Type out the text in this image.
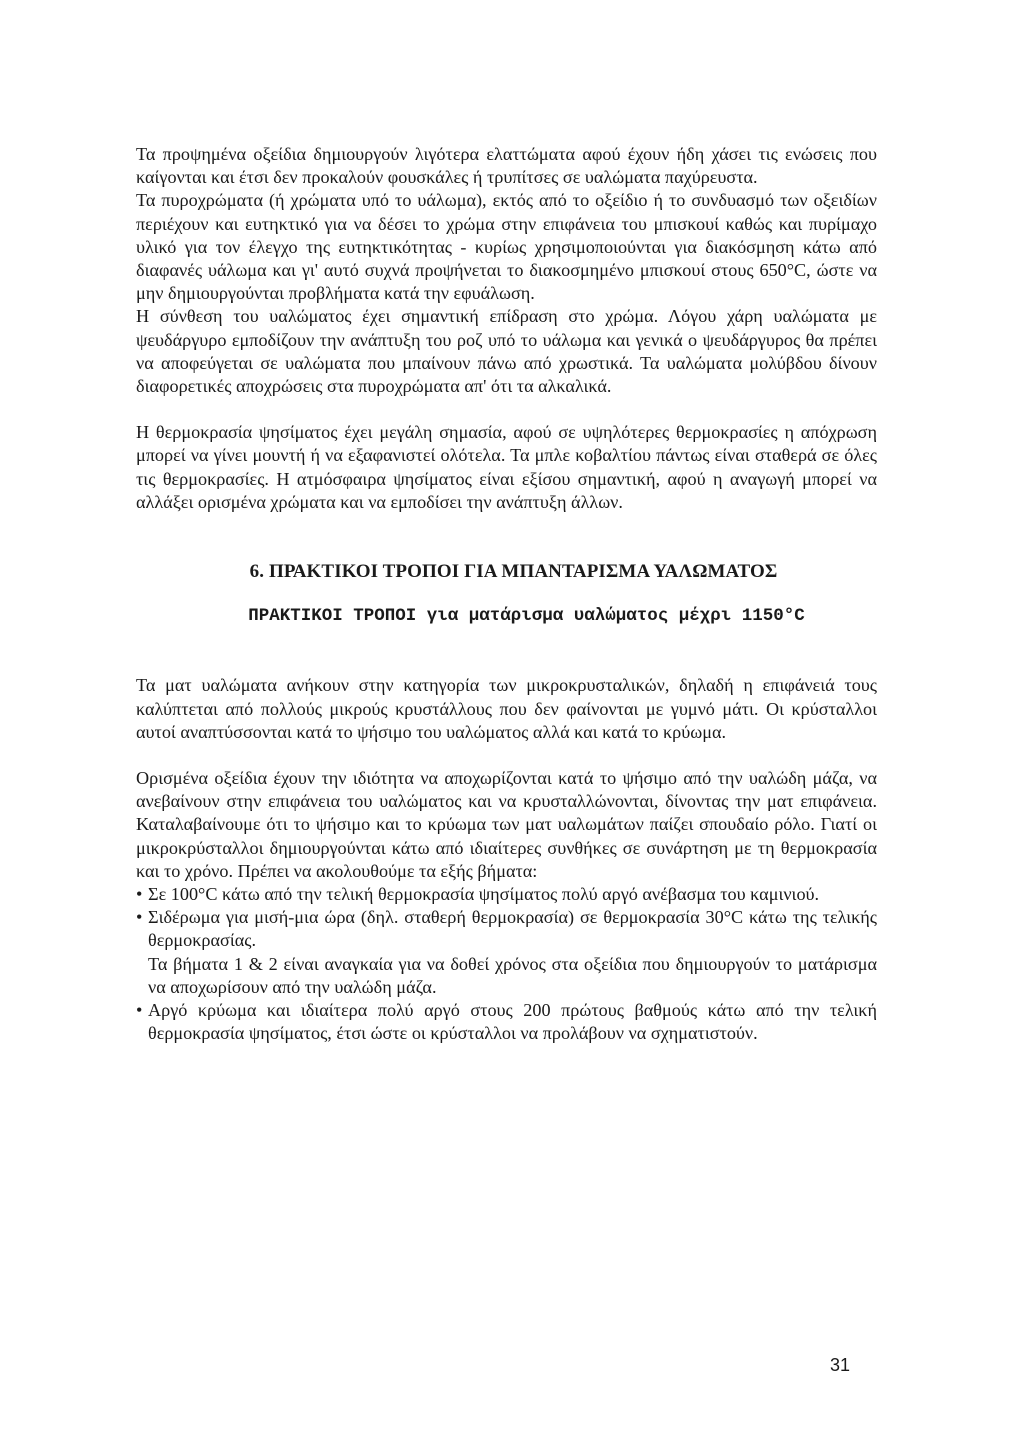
Τα προψημένα οξείδια δημιουργούν λιγότερα ελαττώματα αφού έχουν ήδη χάσει τις ενώσεις που καίγονται και έτσι δεν προκαλούν φουσκάλες ή τρυπίτσες σε υαλώματα παχύρευστα.

Τα πυροχρώματα (ή χρώματα υπό το υάλωμα), εκτός από το οξείδιο ή το συνδυασμό των οξειδίων περιέχουν και ευτηκτικό για να δέσει το χρώμα στην επιφάνεια του μπισκουί καθώς και πυρίμαχο υλικό για τον έλεγχο της ευτηκτικότητας - κυρίως χρησιμοποιούνται για διακόσμηση κάτω από διαφανές υάλωμα και γι' αυτό συχνά προψήνεται το διακοσμημένο μπισκουί στους 650°C, ώστε να μην δημιουργούνται προβλήματα κατά την εφυάλωση.

Η σύνθεση του υαλώματος έχει σημαντική επίδραση στο χρώμα. Λόγου χάρη υαλώματα με ψευδάργυρο εμποδίζουν την ανάπτυξη του ροζ υπό το υάλωμα και γενικά ο ψευδάργυρος θα πρέπει να αποφεύγεται σε υαλώματα που μπαίνουν πάνω από χρωστικά. Τα υαλώματα μολύβδου δίνουν διαφορετικές αποχρώσεις στα πυροχρώματα απ' ότι τα αλκαλικά.

Η θερμοκρασία ψησίματος έχει μεγάλη σημασία, αφού σε υψηλότερες θερμοκρασίες η απόχρωση μπορεί να γίνει μουντή ή να εξαφανιστεί ολότελα. Τα μπλε κοβαλτίου πάντως είναι σταθερά σε όλες τις θερμοκρασίες. Η ατμόσφαιρα ψησίματος είναι εξίσου σημαντική, αφού η αναγωγή μπορεί να αλλάξει ορισμένα χρώματα και να εμποδίσει την ανάπτυξη άλλων.

6. ΠΡΑΚΤΙΚΟΙ ΤΡΟΠΟΙ ΓΙΑ ΜΠΑΝΤΑΡΙΣΜΑ ΥΑΛΩΜΑΤΟΣ
ΠΡΑΚΤΙΚΟΙ ΤΡΟΠΟΙ για ματάρισμα υαλώματος μέχρι 1150°C

Τα ματ υαλώματα ανήκουν στην κατηγορία των μικροκρυσταλικών, δηλαδή η επιφάνειά τους καλύπτεται από πολλούς μικρούς κρυστάλλους που δεν φαίνονται με γυμνό μάτι. Οι κρύσταλλοι αυτοί αναπτύσσονται κατά το ψήσιμο του υαλώματος αλλά και κατά το κρύωμα.

Ορισμένα οξείδια έχουν την ιδιότητα να αποχωρίζονται κατά το ψήσιμο από την υαλώδη μάζα, να ανεβαίνουν στην επιφάνεια του υαλώματος και να κρυσταλλώνονται, δίνοντας την ματ επιφάνεια. Καταλαβαίνουμε ότι το ψήσιμο και το κρύωμα των ματ υαλωμάτων παίζει σπουδαίο ρόλο. Γιατί οι μικροκρύσταλλοι δημιουργούνται κάτω από ιδιαίτερες συνθήκες σε συνάρτηση με τη θερμοκρασία και το χρόνο. Πρέπει να ακολουθούμε τα εξής βήματα:

• Σε 100°C κάτω από την τελική θερμοκρασία ψησίματος πολύ αργό ανέβασμα του καμινιού.
• Σιδέρωμα για μισή-μια ώρα (δηλ. σταθερή θερμοκρασία) σε θερμοκρασία 30°C κάτω της τελικής θερμοκρασίας.

Τα βήματα 1 & 2 είναι αναγκαία για να δοθεί χρόνος στα οξείδια που δημιουργούν το ματάρισμα να αποχωρίσουν από την υαλώδη μάζα.

• Αργό κρύωμα και ιδιαίτερα πολύ αργό στους 200 πρώτους βαθμούς κάτω από την τελική θερμοκρασία ψησίματος, έτσι ώστε οι κρύσταλλοι να προλάβουν να σχηματιστούν.
31
